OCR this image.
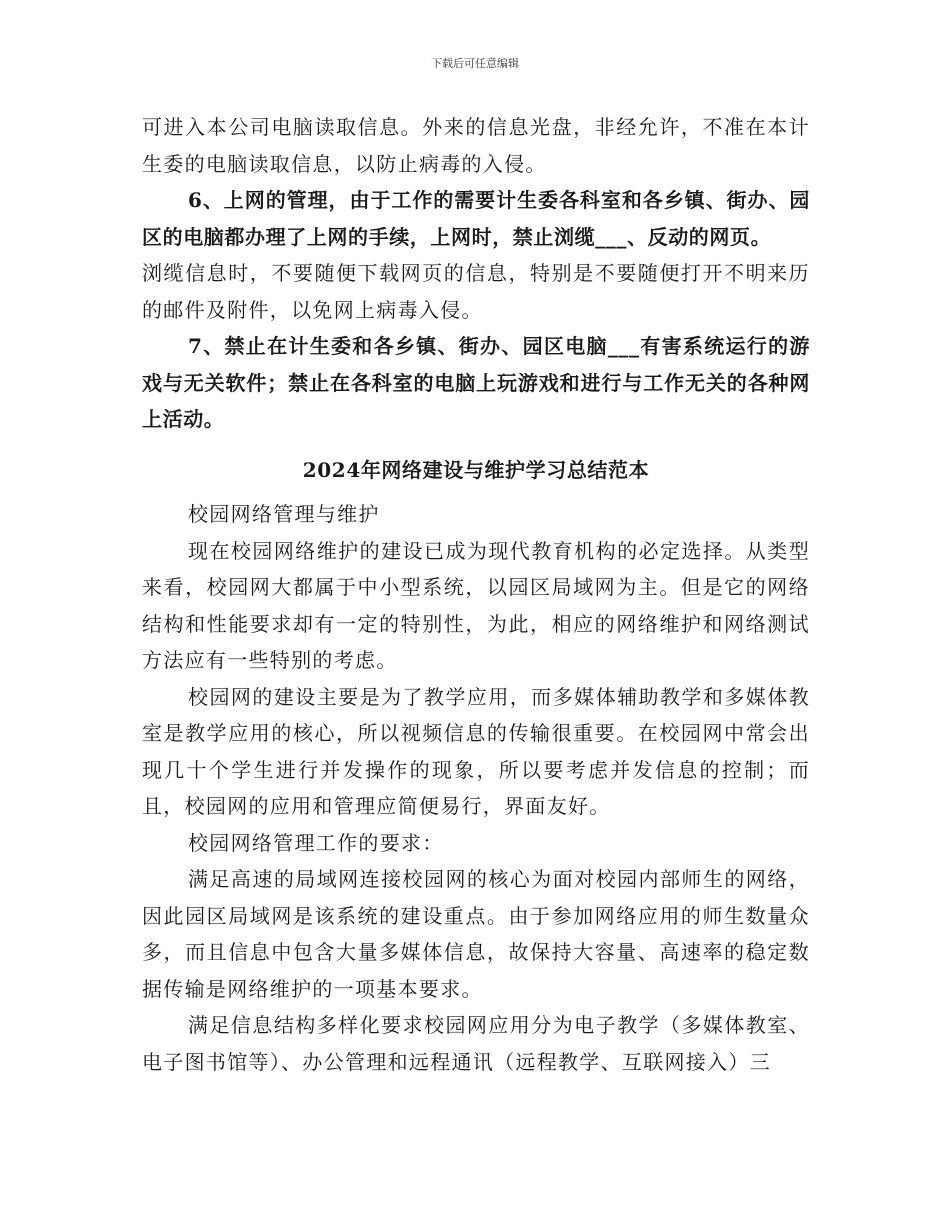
下载后可任意编辑

可进入本公司电脑读取信息。外来的信息光盘，非经允许，不准在本计生委的电脑读取信息，以防止病毒的入侵。

6、上网的管理，由于工作的需要计生委各科室和各乡镇、街办、园区的电脑都办理了上网的手续，上网时，禁止浏缆___、反动的网页。

浏缆信息时，不要随便下载网页的信息，特别是不要随便打开不明来历的邮件及附件，以免网上病毒入侵。

7、禁止在计生委和各乡镇、街办、园区电脑___有害系统运行的游戏与无关软件；禁止在各科室的电脑上玩游戏和进行与工作无关的各种网上活动。

2024年网络建设与维护学习总结范本

校园网络管理与维护

现在校园网络维护的建设已成为现代教育机构的必定选择。从类型来看，校园网大都属于中小型系统，以园区局域网为主。但是它的网络结构和性能要求却有一定的特别性，为此，相应的网络维护和网络测试方法应有一些特别的考虑。

校园网的建设主要是为了教学应用，而多媒体辅助教学和多媒体教室是教学应用的核心，所以视频信息的传输很重要。在校园网中常会出现几十个学生进行并发操作的现象，所以要考虑并发信息的控制；而且，校园网的应用和管理应简便易行，界面友好。

校园网络管理工作的要求：

满足高速的局域网连接校园网的核心为面对校园内部师生的网络，因此园区局域网是该系统的建设重点。由于参加网络应用的师生数量众多，而且信息中包含大量多媒体信息，故保持大容量、高速率的稳定数据传输是网络维护的一项基本要求。

满足信息结构多样化要求校园网应用分为电子教学（多媒体教室、电子图书馆等）、办公管理和远程通讯（远程教学、互联网接入）三
